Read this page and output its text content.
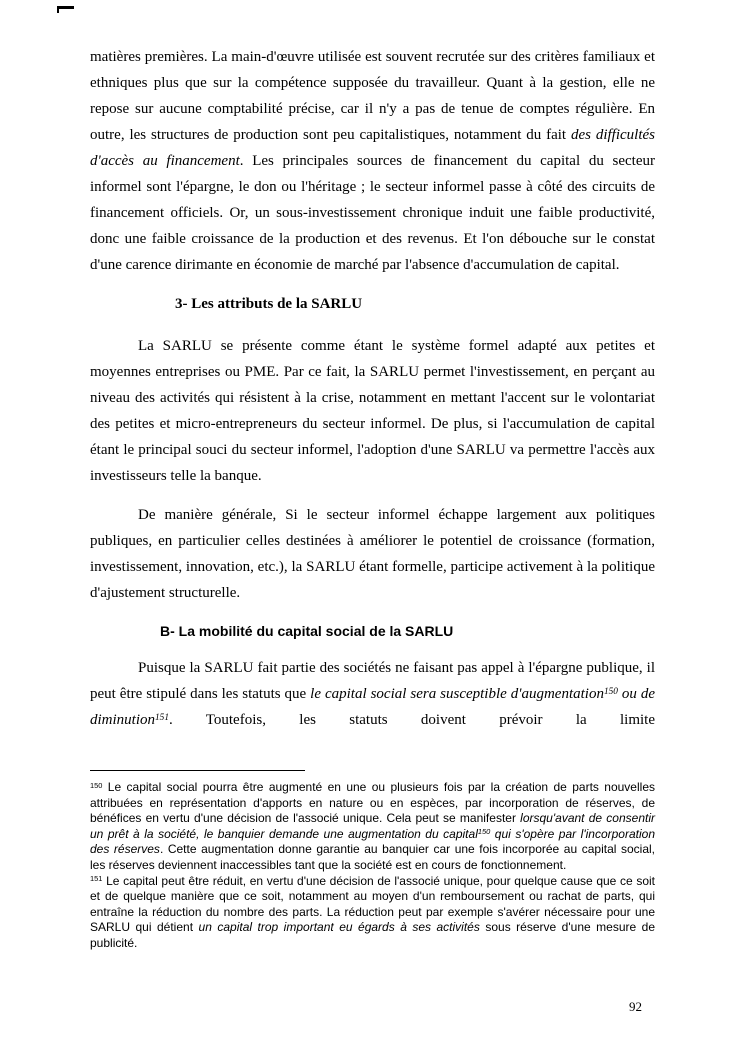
matières premières. La main-d'œuvre utilisée est souvent recrutée sur des critères familiaux et ethniques plus que sur la compétence supposée du travailleur. Quant à la gestion, elle ne repose sur aucune comptabilité précise, car il n'y a pas de tenue de comptes régulière. En outre, les structures de production sont peu capitalistiques, notamment du fait des difficultés d'accès au financement. Les principales sources de financement du capital du secteur informel sont l'épargne, le don ou l'héritage ; le secteur informel passe à côté des circuits de financement officiels. Or, un sous-investissement chronique induit une faible productivité, donc une faible croissance de la production et des revenus. Et l'on débouche sur le constat d'une carence dirimante en économie de marché par l'absence d'accumulation de capital.

3- Les attributs de la SARLU

La SARLU se présente comme étant le système formel adapté aux petites et moyennes entreprises ou PME. Par ce fait, la SARLU permet l'investissement, en perçant au niveau des activités qui résistent à la crise, notamment en mettant l'accent sur le volontariat des petites et micro-entrepreneurs du secteur informel. De plus, si l'accumulation de capital étant le principal souci du secteur informel, l'adoption d'une SARLU va permettre l'accès aux investisseurs telle la banque.

De manière générale, Si le secteur informel échappe largement aux politiques publiques, en particulier celles destinées à améliorer le potentiel de croissance (formation, investissement, innovation, etc.), la SARLU étant formelle, participe activement à la politique d'ajustement structurelle.

B- La mobilité du capital social de la SARLU

Puisque la SARLU fait partie des sociétés ne faisant pas appel à l'épargne publique, il peut être stipulé dans les statuts que le capital social sera susceptible d'augmentation$^{150}$ ou de diminution$^{151}$. Toutefois, les statuts doivent prévoir la limite

$^{150}$ Le capital social pourra être augmenté en une ou plusieurs fois par la création de parts nouvelles attribuées en représentation d'apports en nature ou en espèces, par incorporation de réserves, de bénéfices en vertu d'une décision de l'associé unique. Cela peut se manifester lorsqu'avant de consentir un prêt à la société, le banquier demande une augmentation du capital$^{150}$ qui s'opère par l'incorporation des réserves. Cette augmentation donne garantie au banquier car une fois incorporée au capital social, les réserves deviennent inaccessibles tant que la société est en cours de fonctionnement.
$^{151}$ Le capital peut être réduit, en vertu d'une décision de l'associé unique, pour quelque cause que ce soit et de quelque manière que ce soit, notamment au moyen d'un remboursement ou rachat de parts, qui entraîne la réduction du nombre des parts. La réduction peut par exemple s'avérer nécessaire pour une SARLU qui détient un capital trop important eu égards à ses activités sous réserve d'une mesure de publicité.
92
